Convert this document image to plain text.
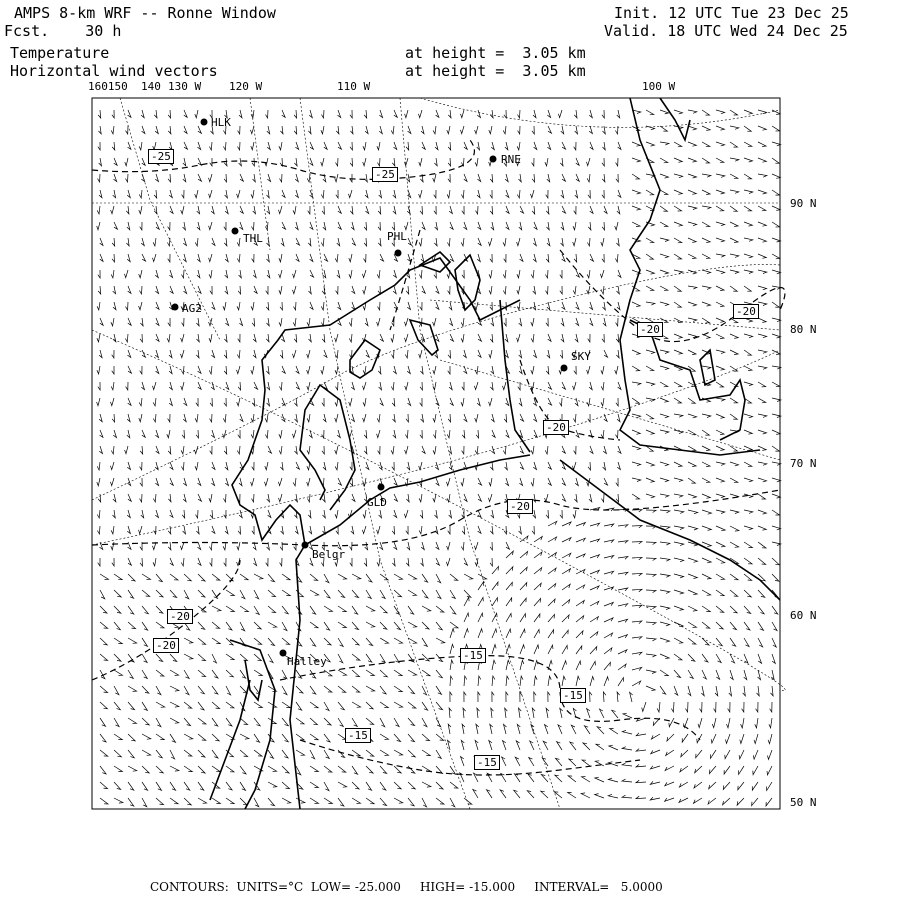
AMPS 8-km WRF -- Ronne Window
Fcst.    30 h
Temperature
Horizontal wind vectors
Init. 12 UTC Tue 23 Dec 25
Valid. 18 UTC Wed 24 Dec 25
at height =  3.05 km
at height =  3.05 km
160150 140 130 W	120 W	110 W	100 W
90 N
80 N
70 N
60 N
50 N
HLK
RNE
THL	PHL
AG2
SKY
GLD
Belgr
Halley
-25
-25
-20
-20
-20
-20
-20
-20
-15
-15
-15
-15
CONTOURS:  UNITS=°C  LOW= -25.000     HIGH= -15.000     INTERVAL=   5.0000
